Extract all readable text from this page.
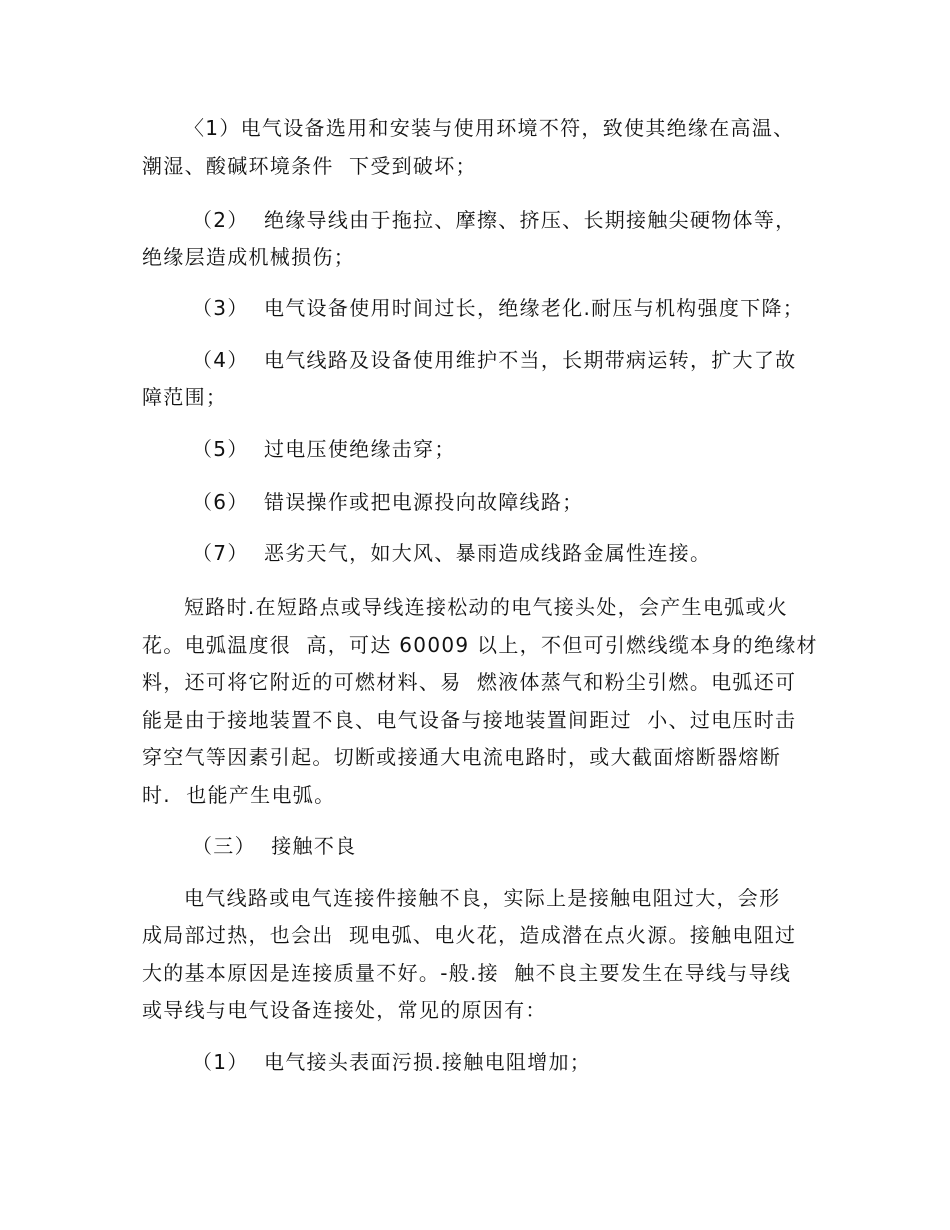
〈1）电气设备选用和安装与使用环境不符，致使其绝缘在高温、
潮湿、酸碱环境条件  下受到破坏；
（2）  绝缘导线由于拖拉、摩擦、挤压、长期接触尖硬物体等，
绝缘层造成机械损伤；
（3）  电气设备使用时间过长，绝缘老化.耐压与机构强度下降；
（4）  电气线路及设备使用维护不当，长期带病运转，扩大了故
障范围；
（5）  过电压使绝缘击穿；
（6）  错误操作或把电源投向故障线路；
（7）  恶劣天气，如大风、暴雨造成线路金属性连接。
短路时.在短路点或导线连接松动的电气接头处，会产生电弧或火
花。电弧温度很  高，可达 60009 以上，不但可引燃线缆本身的绝缘材
料，还可将它附近的可燃材料、易  燃液体蒸气和粉尘引燃。电弧还可
能是由于接地装置不良、电气设备与接地装置间距过  小、过电压时击
穿空气等因素引起。切断或接通大电流电路时，或大截面熔断器熔断
时.  也能产生电弧。
（三）  接触不良
电气线路或电气连接件接触不良，实际上是接触电阻过大，会形
成局部过热，也会出  现电弧、电火花，造成潜在点火源。接触电阻过
大的基本原因是连接质量不好。-般.接  触不良主要发生在导线与导线
或导线与电气设备连接处，常见的原因有：
（1）  电气接头表面污损.接触电阻增加；
